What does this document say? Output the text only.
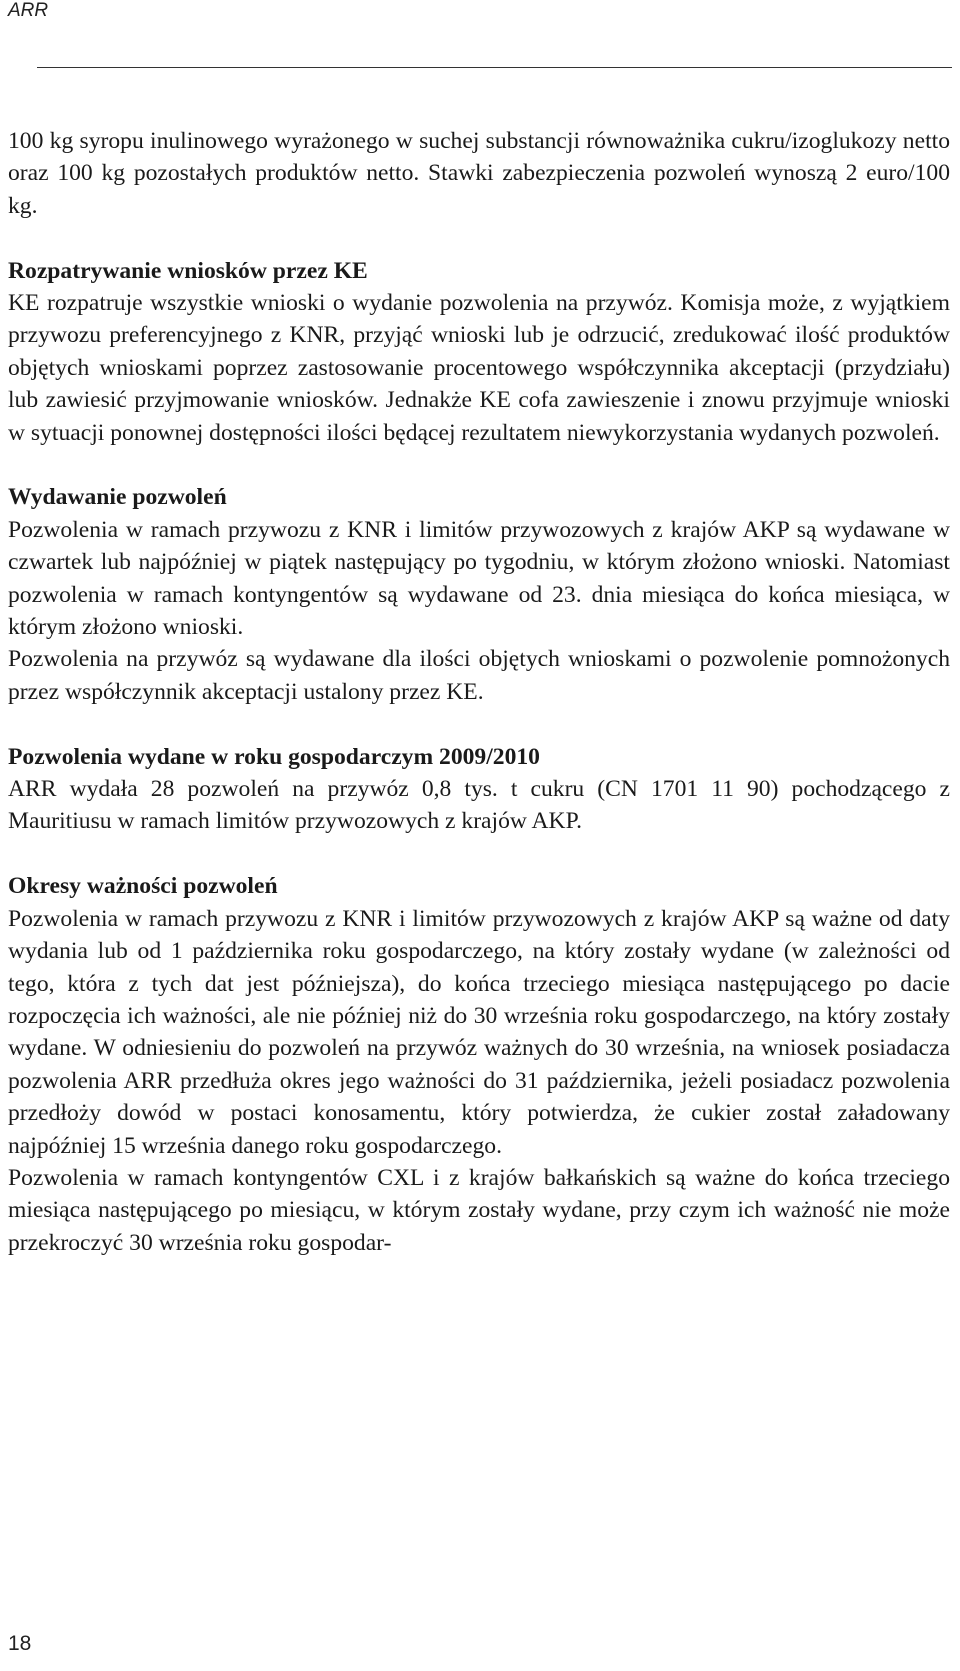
ARR

100 kg syropu inulinowego wyrażonego w suchej substancji równoważnika cukru/izoglukozy netto oraz 100 kg pozostałych produktów netto. Stawki zabezpieczenia pozwoleń wynoszą 2 euro/100 kg.

Rozpatrywanie wniosków przez KE

KE rozpatruje wszystkie wnioski o wydanie pozwolenia na przywóz. Komisja może, z wyjątkiem przywozu preferencyjnego z KNR, przyjąć wnioski lub je odrzucić, zredukować ilość produktów objętych wnioskami poprzez zastosowanie procentowego współczynnika akceptacji (przydziału) lub zawiesić przyjmowanie wniosków. Jednakże KE cofa zawieszenie i znowu przyjmuje wnioski w sytuacji ponownej dostępności ilości będącej rezultatem niewykorzystania wydanych pozwoleń.

Wydawanie pozwoleń

Pozwolenia w ramach przywozu z KNR i limitów przywozowych z krajów AKP są wydawane w czwartek lub najpóźniej w piątek następujący po tygodniu, w którym złożono wnioski. Natomiast pozwolenia w ramach kontyngentów są wydawane od 23. dnia miesiąca do końca miesiąca, w którym złożono wnioski.

Pozwolenia na przywóz są wydawane dla ilości objętych wnioskami o pozwolenie pomnożonych przez współczynnik akceptacji ustalony przez KE.

Pozwolenia wydane w roku gospodarczym 2009/2010

ARR wydała 28 pozwoleń na przywóz 0,8 tys. t cukru (CN 1701 11 90) pochodzącego z Mauritiusu w ramach limitów przywozowych z krajów AKP.

Okresy ważności pozwoleń

Pozwolenia w ramach przywozu z KNR i limitów przywozowych z krajów AKP są ważne od daty wydania lub od 1 października roku gospodarczego, na który zostały wydane (w zależności od tego, która z tych dat jest późniejsza), do końca trzeciego miesiąca następującego po dacie rozpoczęcia ich ważności, ale nie później niż do 30 września roku gospodarczego, na który zostały wydane. W odniesieniu do pozwoleń na przywóz ważnych do 30 września, na wniosek posiadacza pozwolenia ARR przedłuża okres jego ważności do 31 października, jeżeli posiadacz pozwolenia przedłoży dowód w postaci konosamentu, który potwierdza, że cukier został załadowany najpóźniej 15 września danego roku gospodarczego.

Pozwolenia w ramach kontyngentów CXL i z krajów bałkańskich są ważne do końca trzeciego miesiąca następującego po miesiącu, w którym zostały wydane, przy czym ich ważność nie może przekroczyć 30 września roku gospodar-

18
